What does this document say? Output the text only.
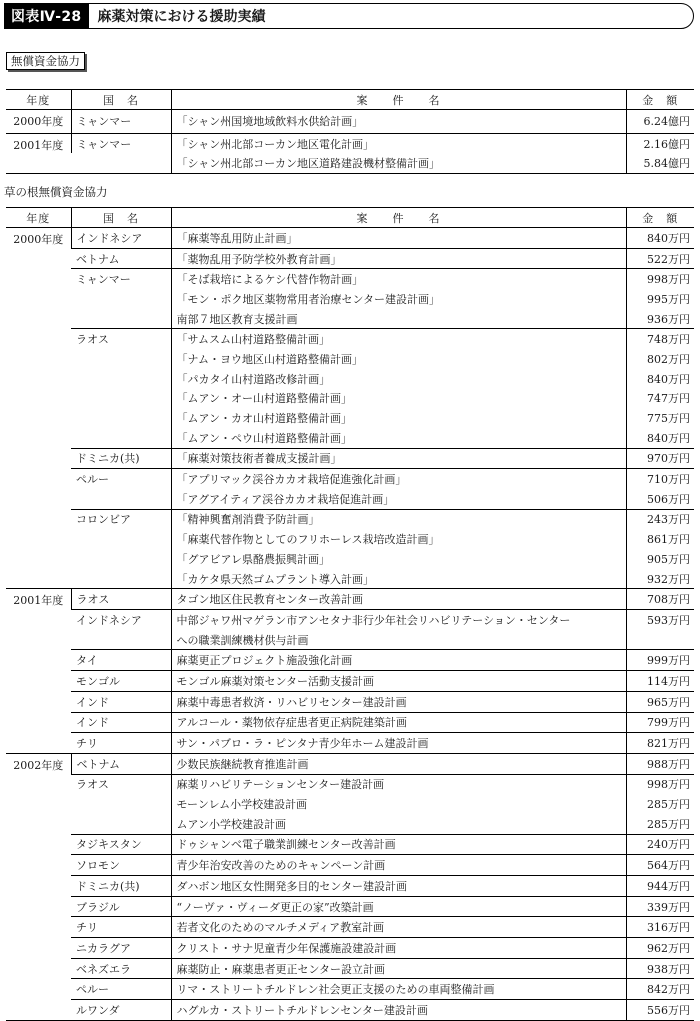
図表Ⅳ-28	麻薬対策における援助実績
無償資金協力
年度	国　名	案　　件　　名	金　額
2000年度	ミャンマー	「シャン州国境地域飲料水供給計画」	6.24億円
2001年度	ミャンマー	「シャン州北部コーカン地区電化計画」	2.16億円
		「シャン州北部コーカン地区道路建設機材整備計画」	5.84億円
草の根無償資金協力
年度	国　名	案　　件　　名	金　額
2000年度	インドネシア	「麻薬等乱用防止計画」	840万円
	ベトナム	「薬物乱用予防学校外教育計画」	522万円
	ミャンマー	「そば栽培によるケシ代替作物計画」	998万円
		「モン・ポク地区薬物常用者治療センター建設計画」	995万円
		南部７地区教育支援計画	936万円
	ラオス	「サムスム山村道路整備計画」	748万円
		「ナム・ヨウ地区山村道路整備計画」	802万円
		「パカタイ山村道路改修計画」	840万円
		「ムアン・オー山村道路整備計画」	747万円
		「ムアン・カオ山村道路整備計画」	775万円
		「ムアン・ペウ山村道路整備計画」	840万円
	ドミニカ(共)	「麻薬対策技術者養成支援計画」	970万円
	ペルー	「アプリマック渓谷カカオ栽培促進強化計画」	710万円
		「アグアイティア渓谷カカオ栽培促進計画」	506万円
	コロンビア	「精神興奮剤消費予防計画」	243万円
		「麻薬代替作物としてのフリホーレス栽培改造計画」	861万円
		「グアビアレ県酪農振興計画」	905万円
		「カケタ県天然ゴムプラント導入計画」	932万円
2001年度	ラオス	タゴン地区住民教育センター改善計画	708万円
	インドネシア	中部ジャワ州マゲラン市アンセタナ非行少年社会リハビリテーション・センター	593万円
		への職業訓練機材供与計画	
	タイ	麻薬更正プロジェクト施設強化計画	999万円
	モンゴル	モンゴル麻薬対策センター活動支援計画	114万円
	インド	麻薬中毒患者救済・リハビリセンター建設計画	965万円
	インド	アルコール・薬物依存症患者更正病院建築計画	799万円
	チリ	サン・パブロ・ラ・ピンタナ青少年ホーム建設計画	821万円
2002年度	ベトナム	少数民族継続教育推進計画	988万円
	ラオス	麻薬リハビリテーションセンター建設計画	998万円
		モーンレム小学校建設計画	285万円
		ムアン小学校建設計画	285万円
	タジキスタン	ドゥシャンベ電子職業訓練センター改善計画	240万円
	ソロモン	青少年治安改善のためのキャンペーン計画	564万円
	ドミニカ(共)	ダハボン地区女性開発多目的センター建設計画	944万円
	ブラジル	“ノーヴァ・ヴィーダ更正の家”改築計画	339万円
	チリ	若者文化のためのマルチメディア教室計画	316万円
	ニカラグア	クリスト・サナ児童青少年保護施設建設計画	962万円
	ベネズエラ	麻薬防止・麻薬患者更正センター設立計画	938万円
	ペルー	リマ・ストリートチルドレン社会更正支援のための車両整備計画	842万円
	ルワンダ	ハグルカ・ストリートチルドレンセンター建設計画	556万円
